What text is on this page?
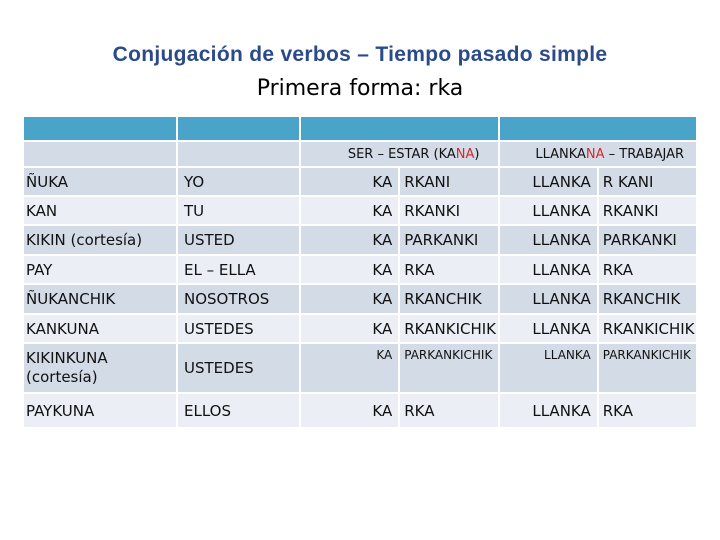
Conjugación de verbos – Tiempo pasado simple
Primera forma: rka

		SER – ESTAR (KANA)		LLANKANA – TRABAJAR	
ÑUKA	YO	KA	RKANI	LLANKA	R KANI
KAN	TU	KA	RKANKI	LLANKA	RKANKI
KIKIN (cortesía)	USTED	KA	PARKANKI	LLANKA	PARKANKI
PAY	EL – ELLA	KA	RKA	LLANKA	RKA
ÑUKANCHIK	NOSOTROS	KA	RKANCHIK	LLANKA	RKANCHIK
KANKUNA	USTEDES	KA	RKANKICHIK	LLANKA	RKANKICHIK
KIKINKUNA (cortesía)	USTEDES	KA	PARKANKICHIK	LLANKA	PARKANKICHIK
PAYKUNA	ELLOS	KA	RKA	LLANKA	RKA
